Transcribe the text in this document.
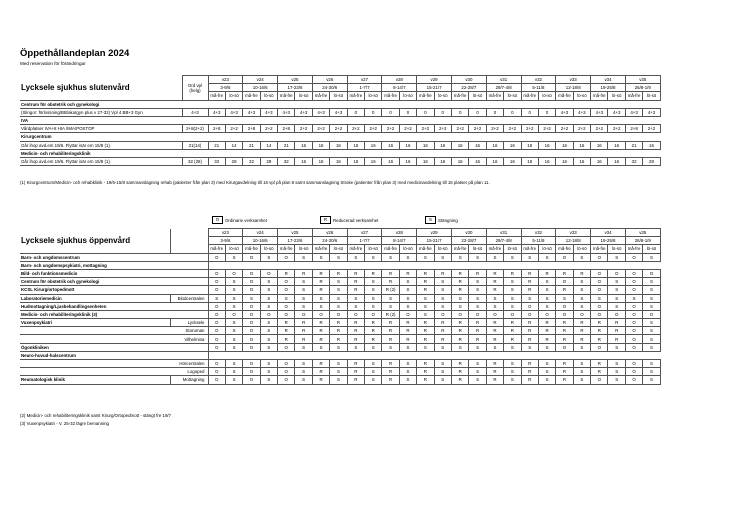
Öppethållandeplan 2024
Med reservation för förändringar
Lycksele sjukhus slutenvård	Ord vpl (helg)	v23		v24		v25		v26		v27		v28		v29		v30		v31		v32		v33		v34		v35	
		3-9/6		10-16/6		17-23/6		24-30/6		1-7/7		8-14/7		15-21/7		22-28/7		29/7-4/8		5-11/8		12-18/8		19-25/8		26/8-1/9	
		må-fre	lö-sö	må-fre	lö-sö	må-fre	lö-sö	må-fre	lö-sö	må-fre	lö-sö	må-fre	lö-sö	må-fre	lö-sö	må-fre	lö-sö	må-fre	lö-sö	må-fre	lö-sö	må-fre	lö-sö	må-fre	lö-sö	må-fre	lö-sö
Centrum för obstetrik och gynekologi																											
(Slingor: förlossning/BB/akutgyn plus v 27-32) Vpl 4 BB+3 Gyn	4+3	4+3	4+3	4+3	4+3	4+3	4+3	4+3	4+3	0	0	0	0	0	0	0	0	0	0	0	0	4+3	4+3	4+3	4+3	4+3	4+3
IVA																											
Vårdplatser IVA+8 HIA /IMA/POSTOP	2+8(2+2)	2+8	2+2	2+8	2+2	2+8	2+2	2+2	2+2	2+2	2+2	2+2	2+2	2+2	2+2	2+2	2+2	2+2	2+2	2+2	2+2	2+2	2+2	2+2	2+2	2+8	2+2
Kirurgcentrum																											
Går ihop avd.em 19/6. Flyttar isär em 15/8 (1)	21(14)	21	14	21	14	21	16	16	16	16	16	16	16	16	16	16	16	16	16	16	16	16	16	16	16	21	16
Medicin- och rehabiliteringsklinik																											
Går ihop avd.em 19/6. Flyttar isär em 15/8 (1)	32 (28)	32	28	32	28	32	16	16	16	16	16	16	16	16	16	16	16	16	16	16	16	16	16	16	16	32	28
(1) Kirurgcentrum/Medicin- och rehabklinik - 19/6-15/8 sammanslagning rehab (patienter från plan 3) med Kirurgavdelning till 16 vpl på plan 8 samt sammanslagning Stroke (patienter från plan 3) med medicinavdelning till 16 platser på plan 11.
O	Ordinarie verksamhet	R	Reducerad verksamhet	S	Stängning
Lycksele sjukhus öppenvård		v23		v24		v25		v26		v27		v28		v29		v30		v31		v32		v33		v34		v35	
		3-9/6		10-16/6		17-23/6		24-30/6		1-7/7		8-14/7		15-21/7		22-28/7		29/7-4/8		5-11/8		12-18/8		19-25/8		26/8-1/9	
		må-fre	lö-sö	må-fre	lö-sö	må-fre	lö-sö	må-fre	lö-sö	må-fre	lö-sö	må-fre	lö-sö	må-fre	lö-sö	må-fre	lö-sö	må-fre	lö-sö	må-fre	lö-sö	må-fre	lö-sö	må-fre	lö-sö	må-fre	lö-sö
Barn- och ungdomscentrum		O	S	O	S	O	S	S	S	S	S	S	S	S	S	S	S	S	S	S	S	O	S	O	S	O	S
Barn- och ungdomspsykiatri, mottagning																											
Bild- och funktionsmedicin		O	O	O	O	R	R	R	R	R	R	R	R	R	R	R	R	R	R	R	R	R	R	O	O	O	O
Centrum för obstetrik och gynekologi		O	S	O	S	O	S	R	S	R	S	R	S	R	S	R	S	R	S	R	S	O	S	O	S	O	S
KCSL Kirurg/ortopedmott		O	S	O	S	O	S	R	S	R	S	R (2)	S	R	S	R	S	R	S	R	S	R	S	O	S	O	S
Laboratoriemedicin	Blodcentralen	S	S	S	S	S	S	S	S	S	S	S	S	S	S	S	S	S	S	S	S	S	S	S	S	S	S
Hudmottagning/Ljusbehandlingsenheten		O	S	O	S	O	S	S	S	S	S	S	S	S	S	S	S	S	S	O	S	O	S	O	S	O	S
Medicin- och rehabiliteringsklinik (3)		O	O	O	O	O	O	O	O	O	O	R (2)	O	S	O	O	O	O	O	O	O	O	O	O	O	O	O
Vuxenpsykiatri	Lycksele	O	S	O	S	R	R	R	R	R	R	R	R	R	R	R	R	R	R	R	R	R	R	R	R	O	S
Storuman		O	S	O	S	R	R	R	R	R	R	R	R	R	R	R	R	R	R	R	R	R	R	R	R	O	S
Vilhelmina		O	S	O	S	R	R	R	R	R	R	R	R	R	R	R	R	R	R	R	R	R	R	R	R	O	S
Ögonkliniken		O	S	O	S	O	S	S	S	S	S	S	S	S	S	S	S	S	S	S	S	O	S	O	S	O	S
Neuro-huvud-halscentrum																											
Hörcentralen		O	S	O	S	O	S	R	S	R	S	R	S	R	S	R	S	R	S	R	S	R	S	R	S	O	S
Logoped		O	S	O	S	O	S	R	S	R	S	R	S	R	S	R	S	R	S	R	S	R	S	R	S	O	S
Reumatologisk klinik	Mottagning	O	S	O	S	O	S	R	S	R	S	R	S	R	S	R	S	R	S	R	S	R	S	O	S	O	S
(2) Medicin- och rehabiliteringsklinik samt Kirurg/Ortopedmott - stängt fre 19/7
(3) Vuxenpsykiatri - V. 25-32 lägre bemanning
